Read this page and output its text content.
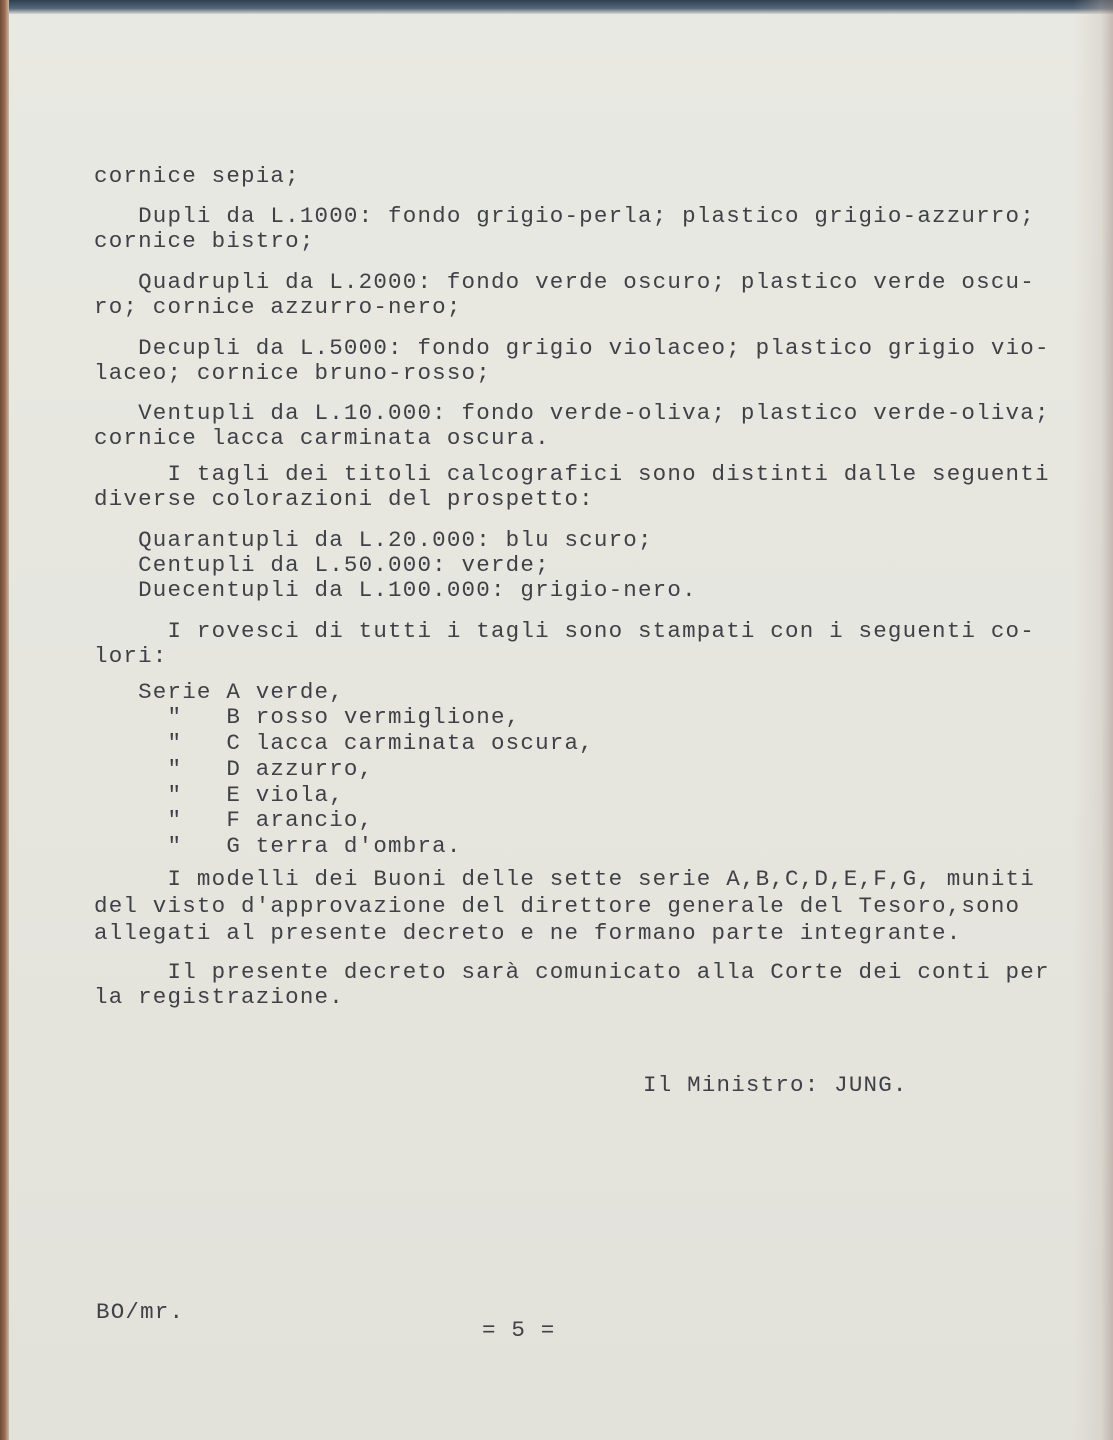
cornice sepia;
Dupli da L.1000: fondo grigio-perla; plastico grigio-azzurro;
cornice bistro;
Quadrupli da L.2000: fondo verde oscuro; plastico verde oscu-
ro; cornice azzurro-nero;
Decupli da L.5000: fondo grigio violaceo; plastico grigio vio-
laceo; cornice bruno-rosso;
Ventupli da L.10.000: fondo verde-oliva; plastico verde-oliva;
cornice lacca carminata oscura.
I tagli dei titoli calcografici sono distinti dalle seguenti
diverse colorazioni del prospetto:
Quarantupli da L.20.000: blu scuro;
Centupli da L.50.000: verde;
Duecentupli da L.100.000: grigio-nero.
I rovesci di tutti i tagli sono stampati con i seguenti co-
lori:
Serie A verde,
"   B rosso vermiglione,
"   C lacca carminata oscura,
"   D azzurro,
"   E viola,
"   F arancio,
"   G terra d'ombra.
I modelli dei Buoni delle sette serie A,B,C,D,E,F,G, muniti
del visto d'approvazione del direttore generale del Tesoro,sono
allegati al presente decreto e ne formano parte integrante.
Il presente decreto sarà comunicato alla Corte dei conti per
la registrazione.
Il Ministro: JUNG.
BO/mr.
= 5 =
